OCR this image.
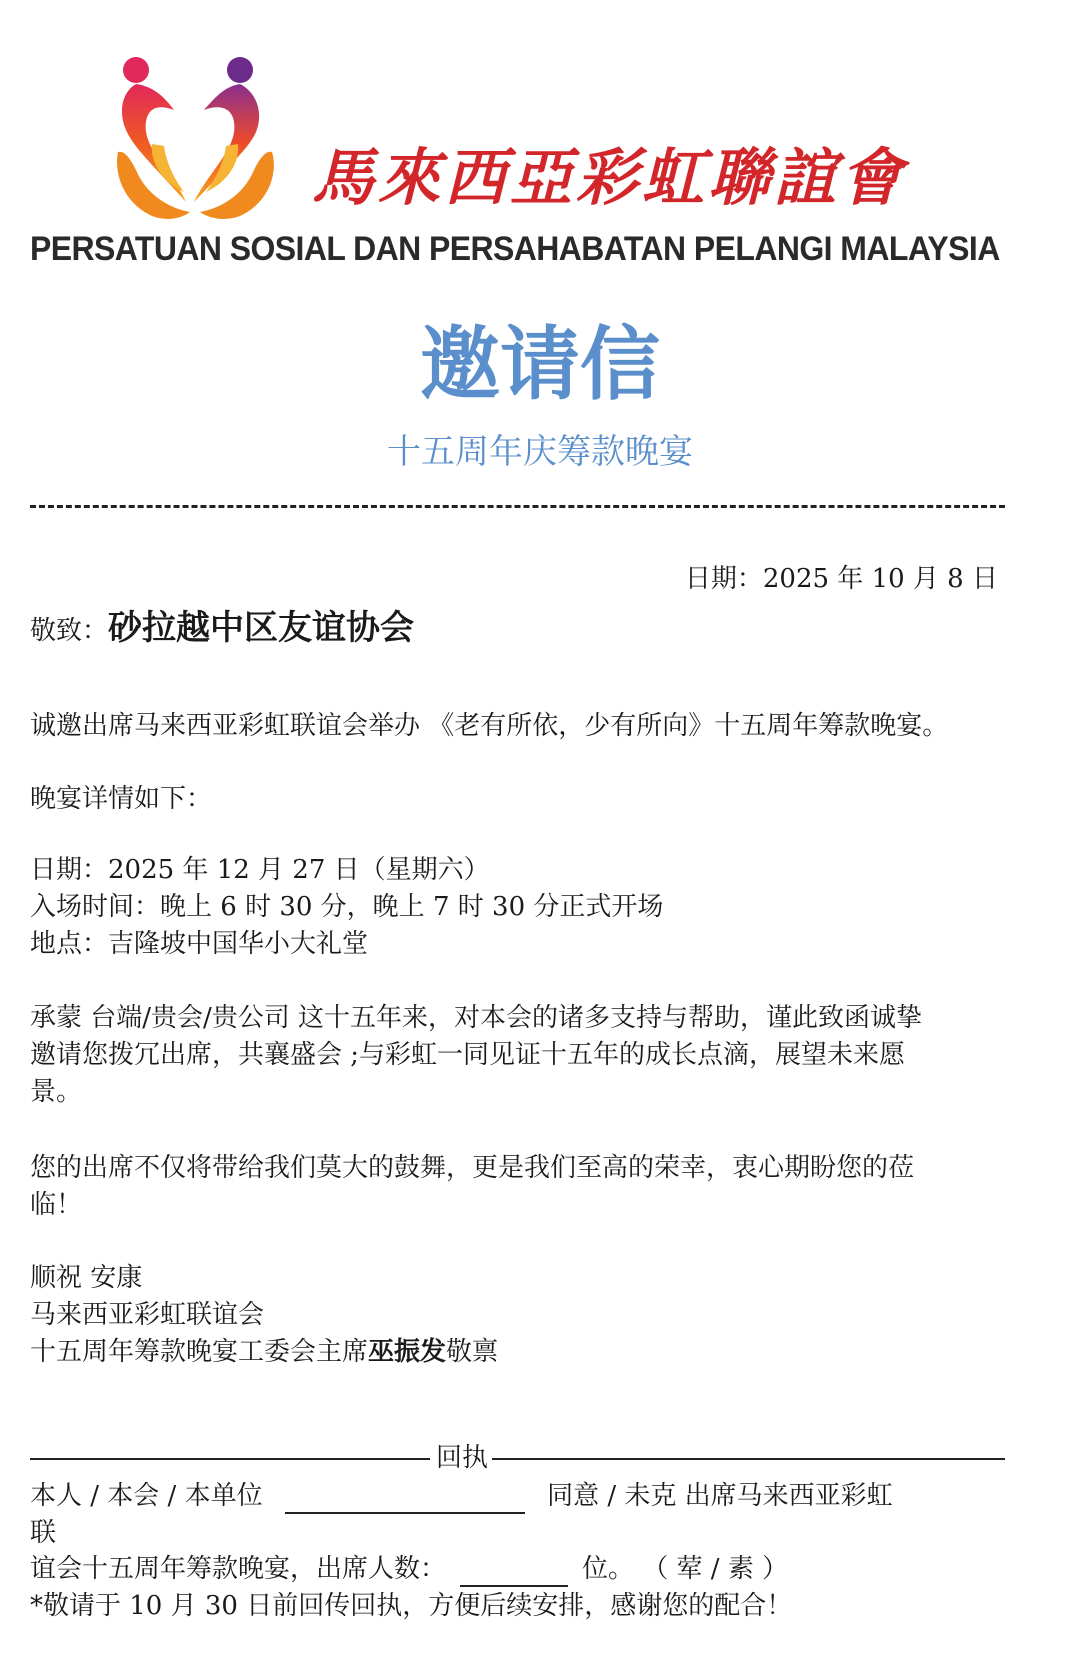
馬來西亞彩虹聯誼會
PERSATUAN SOSIAL DAN PERSAHABATAN PELANGI MALAYSIA
邀请信
十五周年庆筹款晚宴
日期：2025 年 10 月 8 日
敬致：砂拉越中区友谊协会
诚邀出席马来西亚彩虹联谊会举办 《老有所依，少有所向》十五周年筹款晚宴。
晚宴详情如下：
日期：2025 年 12 月 27 日（星期六）
入场时间：晚上 6 时 30 分，晚上 7 时 30 分正式开场
地点：吉隆坡中国华小大礼堂
承蒙 台端/贵会/贵公司 这十五年来，对本会的诸多支持与帮助，谨此致函诚挚
邀请您拨冗出席，共襄盛会 ;与彩虹一同见证十五年的成长点滴，展望未来愿
景。
您的出席不仅将带给我们莫大的鼓舞，更是我们至高的荣幸，衷心期盼您的莅
临！
顺祝 安康
马来西亚彩虹联谊会
十五周年筹款晚宴工委会主席巫振发敬禀
回执
本人 / 本会 / 本单位	同意 / 未克 出席马来西亚彩虹
联
谊会十五周年筹款晚宴，出席人数：	位。 （ 荤 / 素 ）
*敬请于 10 月 30 日前回传回执，方便后续安排，感谢您的配合！
